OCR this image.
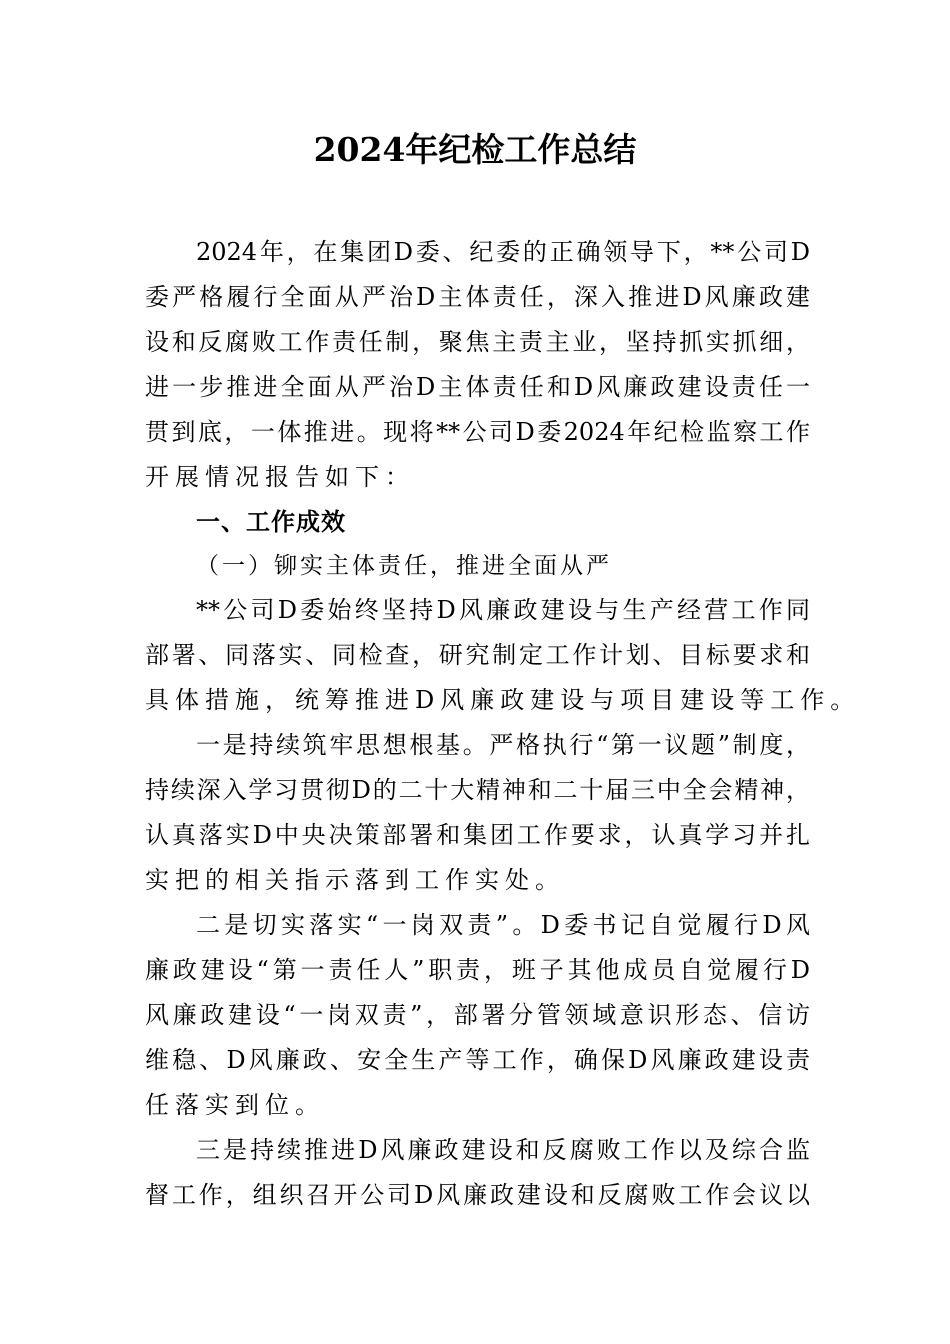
2024年纪检工作总结
2024年，在集团D委、纪委的正确领导下，**公司D
委严格履行全面从严治D主体责任，深入推进D风廉政建
设和反腐败工作责任制，聚焦主责主业，坚持抓实抓细，
进一步推进全面从严治D主体责任和D风廉政建设责任一
贯到底，一体推进。现将**公司D委2024年纪检监察工作
开展情况报告如下：
一、工作成效
（一）铆实主体责任，推进全面从严
**公司D委始终坚持D风廉政建设与生产经营工作同
部署、同落实、同检查，研究制定工作计划、目标要求和
具体措施，统筹推进D风廉政建设与项目建设等工作。
一是持续筑牢思想根基。严格执行“第一议题”制度，
持续深入学习贯彻D的二十大精神和二十届三中全会精神，
认真落实D中央决策部署和集团工作要求，认真学习并扎
实把的相关指示落到工作实处。
二是切实落实“一岗双责”。D委书记自觉履行D风
廉政建设“第一责任人”职责，班子其他成员自觉履行D
风廉政建设“一岗双责”，部署分管领域意识形态、信访
维稳、D风廉政、安全生产等工作，确保D风廉政建设责
任落实到位。
三是持续推进D风廉政建设和反腐败工作以及综合监
督工作，组织召开公司D风廉政建设和反腐败工作会议以
